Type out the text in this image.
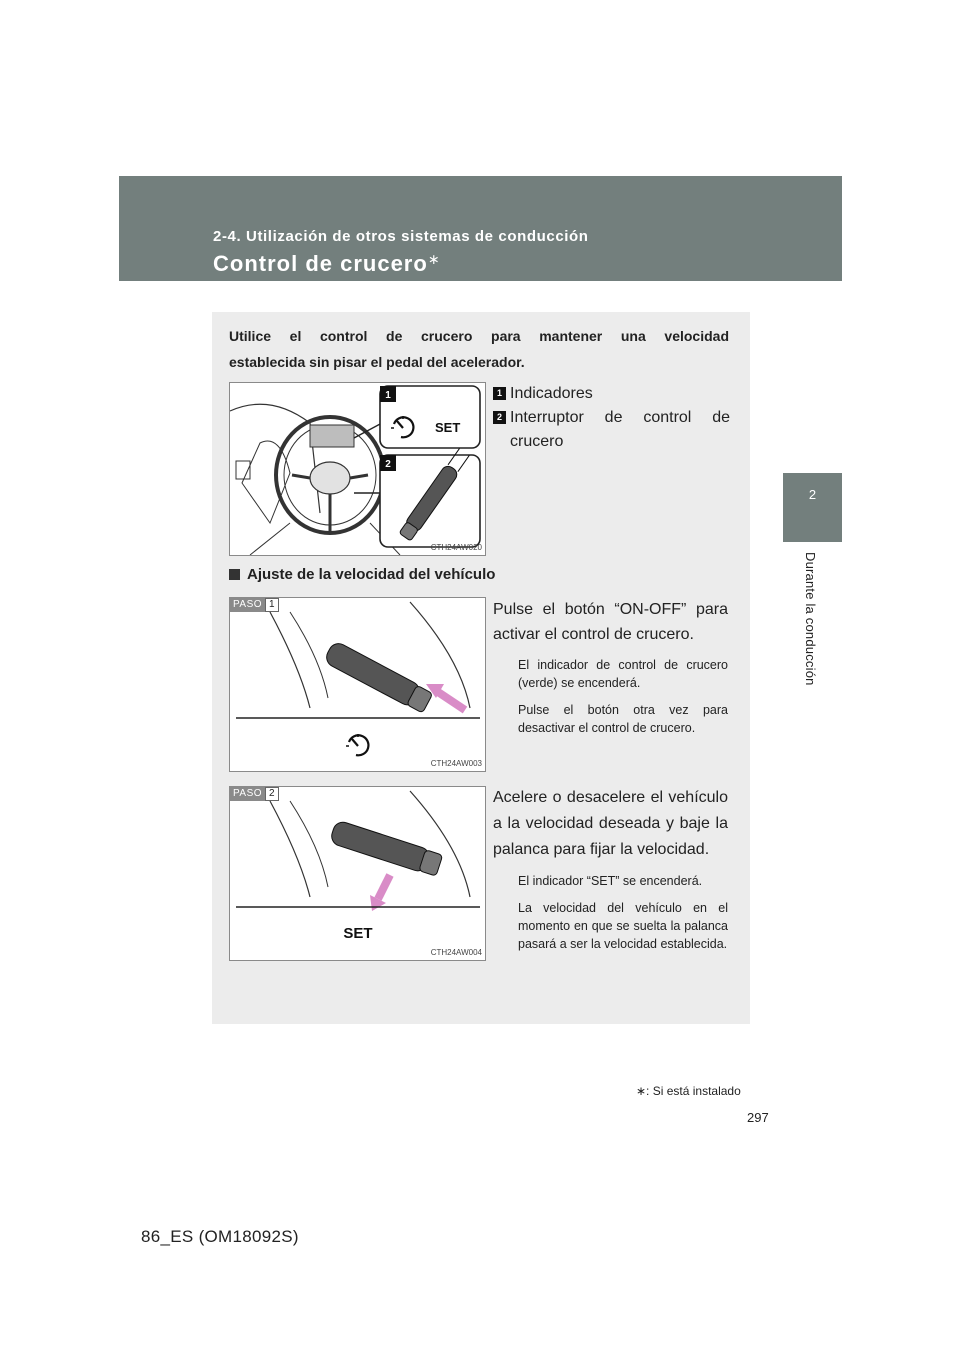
2-4. Utilización de otros sistemas de conducción
Control de crucero∗
2
Durante la conducción
Utilice el control de crucero para mantener una velocidad
establecida sin pisar el pedal del acelerador.
1
2
SET
CTH24AW020
1 Indicadores
2 Interruptor de control de crucero
Ajuste de la velocidad del vehículo
PASO 1
CTH24AW003
Pulse el botón “ON-OFF” para activar el control de crucero.
El indicador de control de crucero (verde) se encenderá.
Pulse el botón otra vez para desactivar el control de crucero.
PASO 2
SET
CTH24AW004
Acelere o desacelere el vehículo a la velocidad deseada y baje la palanca para fijar la velocidad.
El indicador “SET” se encenderá.
La velocidad del vehículo en el momento en que se suelta la palanca pasará a ser la velocidad establecida.
∗: Si está instalado
297
86_ES (OM18092S)
